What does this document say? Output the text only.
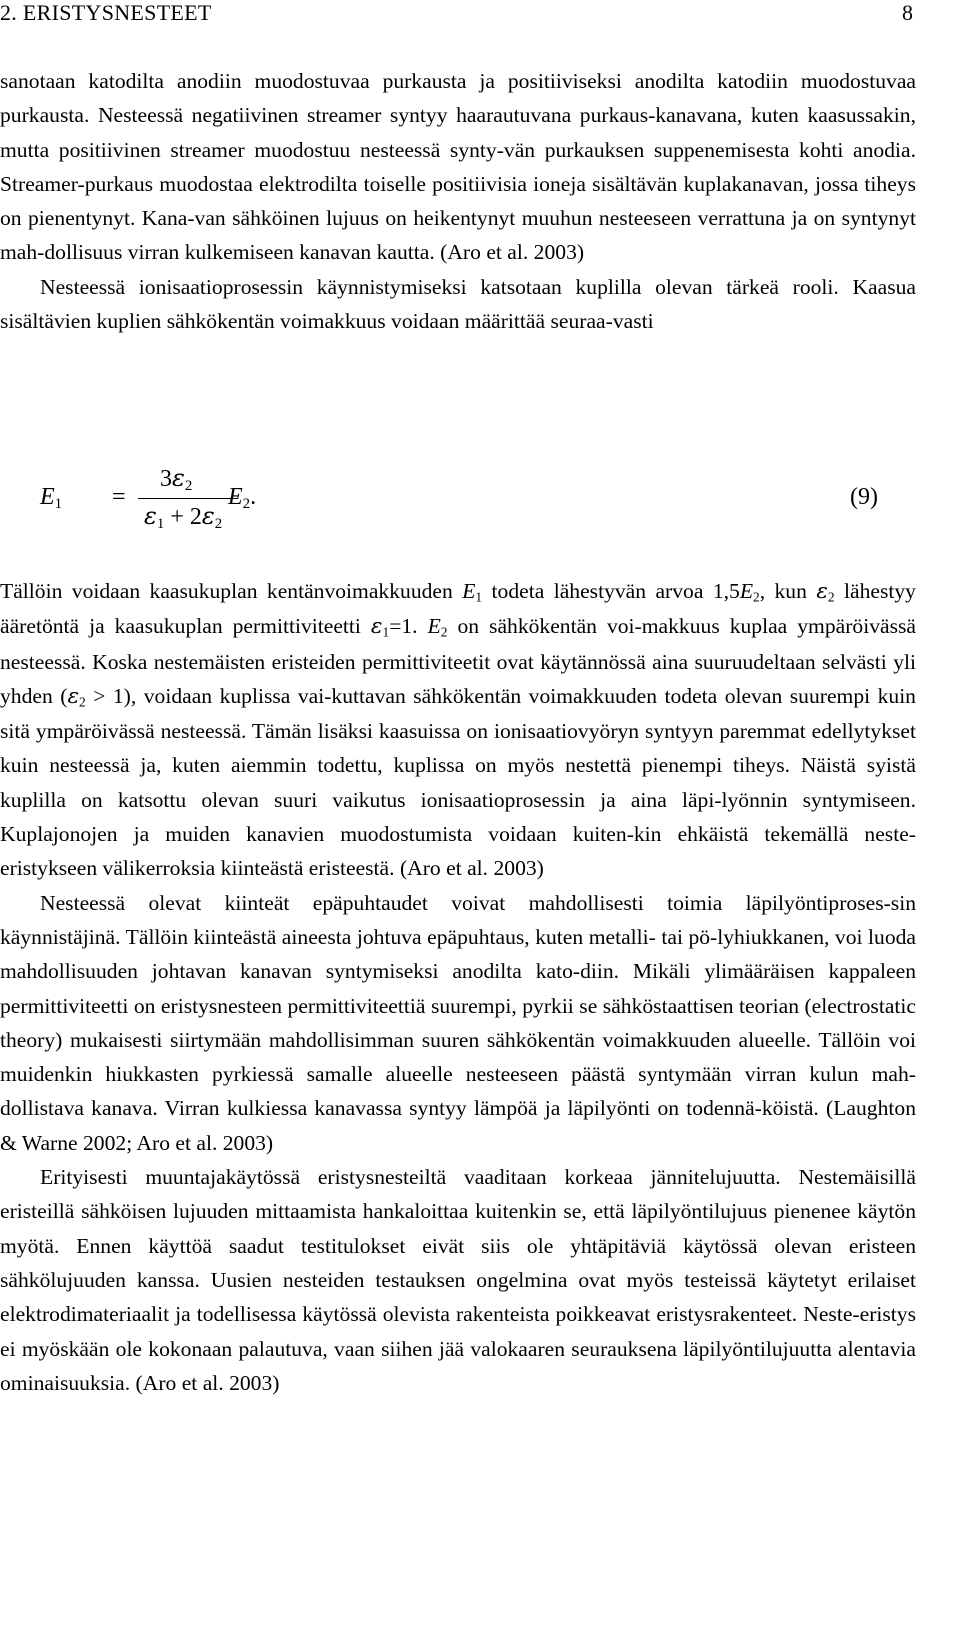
2. ERISTYSNESTEET	8

sanotaan katodilta anodiin muodostuvaa purkausta ja positiiviseksi anodilta katodiin muodostuvaa purkausta. Nesteessä negatiivinen streamer syntyy haarautuvana purkaus-kanavana, kuten kaasussakin, mutta positiivinen streamer muodostuu nesteessä synty-vän purkauksen suppenemisesta kohti anodia. Streamer-purkaus muodostaa elektrodilta toiselle positiivisia ioneja sisältävän kuplakanavan, jossa tiheys on pienentynyt. Kana-van sähköinen lujuus on heikentynyt muuhun nesteeseen verrattuna ja on syntynyt mah-dollisuus virran kulkemiseen kanavan kautta. (Aro et al. 2003)

Nesteessä ionisaatioprosessin käynnistymiseksi katsotaan kuplilla olevan tärkeä rooli. Kaasua sisältävien kuplien sähkökentän voimakkuus voidaan määrittää seuraa-vasti

$E_1$ =
$3\varepsilon_2$
$\varepsilon_1 + 2\varepsilon_2$
$E_2$.	(9)

Tällöin voidaan kaasukuplan kentänvoimakkuuden $E_1$ todeta lähestyvän arvoa $1,5E_2$, kun $\varepsilon_2$ lähestyy ääretöntä ja kaasukuplan permittiviteetti $\varepsilon_1=1$. $E_2$ on sähkökentän voi-makkuus kuplaa ympäröivässä nesteessä. Koska nestemäisten eristeiden permittiviteetit ovat käytännössä aina suuruudeltaan selvästi yli yhden $(\varepsilon_2 > 1)$, voidaan kuplissa vai-kuttavan sähkökentän voimakkuuden todeta olevan suurempi kuin sitä ympäröivässä nesteessä. Tämän lisäksi kaasuissa on ionisaatiovyöryn syntyyn paremmat edellytykset kuin nesteessä ja, kuten aiemmin todettu, kuplissa on myös nestettä pienempi tiheys. Näistä syistä kuplilla on katsottu olevan suuri vaikutus ionisaatioprosessin ja aina läpi-lyönnin syntymiseen. Kuplajonojen ja muiden kanavien muodostumista voidaan kuiten-kin ehkäistä tekemällä neste-eristykseen välikerroksia kiinteästä eristeestä. (Aro et al. 2003)

Nesteessä olevat kiinteät epäpuhtaudet voivat mahdollisesti toimia läpilyöntiproses-sin käynnistäjinä. Tällöin kiinteästä aineesta johtuva epäpuhtaus, kuten metalli- tai pö-lyhiukkanen, voi luoda mahdollisuuden johtavan kanavan syntymiseksi anodilta kato-diin. Mikäli ylimääräisen kappaleen permittiviteetti on eristysnesteen permittiviteettiä suurempi, pyrkii se sähköstaattisen teorian (electrostatic theory) mukaisesti siirtymään mahdollisimman suuren sähkökentän voimakkuuden alueelle. Tällöin voi muidenkin hiukkasten pyrkiessä samalle alueelle nesteeseen päästä syntymään virran kulun mah-dollistava kanava. Virran kulkiessa kanavassa syntyy lämpöä ja läpilyönti on todennä-köistä. (Laughton & Warne 2002; Aro et al. 2003)

Erityisesti muuntajakäytössä eristysnesteiltä vaaditaan korkeaa jännitelujuutta. Nestemäisillä eristeillä sähköisen lujuuden mittaamista hankaloittaa kuitenkin se, että läpilyöntilujuus pienenee käytön myötä. Ennen käyttöä saadut testitulokset eivät siis ole yhtäpitäviä käytössä olevan eristeen sähkölujuuden kanssa. Uusien nesteiden testauksen ongelmina ovat myös testeissä käytetyt erilaiset elektrodimateriaalit ja todellisessa käytössä olevista rakenteista poikkeavat eristysrakenteet. Neste-eristys ei myöskään ole kokonaan palautuva, vaan siihen jää valokaaren seurauksena läpilyöntilujuutta alentavia ominaisuuksia. (Aro et al. 2003)
